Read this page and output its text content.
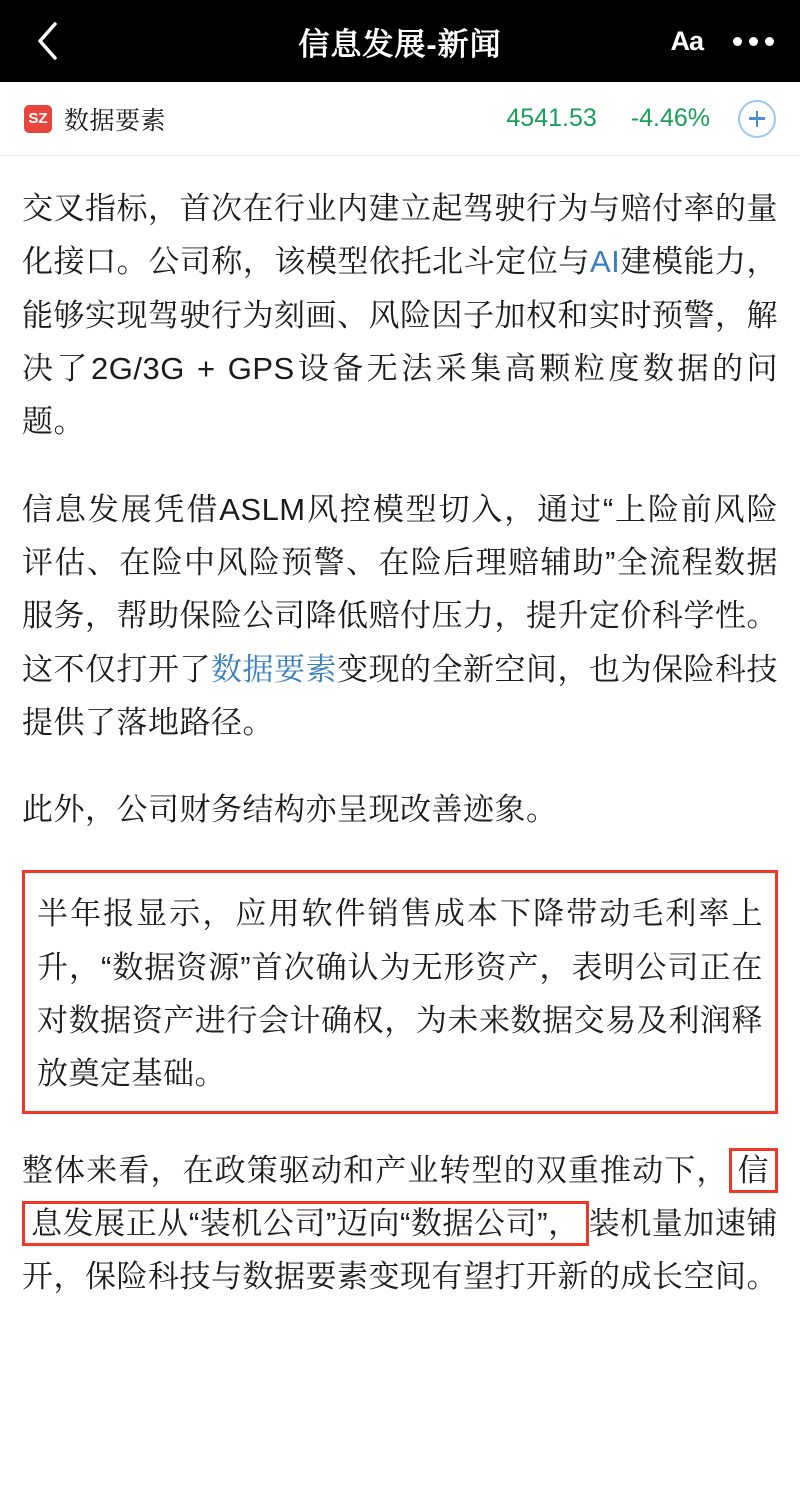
信息发展-新闻	Aa
SZ 数据要素	4541.53 -4.46%

交叉指标，首次在行业内建立起驾驶行为与赔付率的量化接口。公司称，该模型依托北斗定位与AI建模能力，能够实现驾驶行为刻画、风险因子加权和实时预警，解决了2G/3G + GPS设备无法采集高颗粒度数据的问题。

信息发展凭借ASLM风控模型切入，通过“上险前风险评估、在险中风险预警、在险后理赔辅助”全流程数据服务，帮助保险公司降低赔付压力，提升定价科学性。这不仅打开了数据要素变现的全新空间，也为保险科技提供了落地路径。

此外，公司财务结构亦呈现改善迹象。

半年报显示，应用软件销售成本下降带动毛利率上升，“数据资源”首次确认为无形资产，表明公司正在对数据资产进行会计确权，为未来数据交易及利润释放奠定基础。

整体来看，在政策驱动和产业转型的双重推动下， 信息发展正从“装机公司”迈向“数据公司”， 装机量加速铺开，保险科技与数据要素变现有望打开新的成长空间。
